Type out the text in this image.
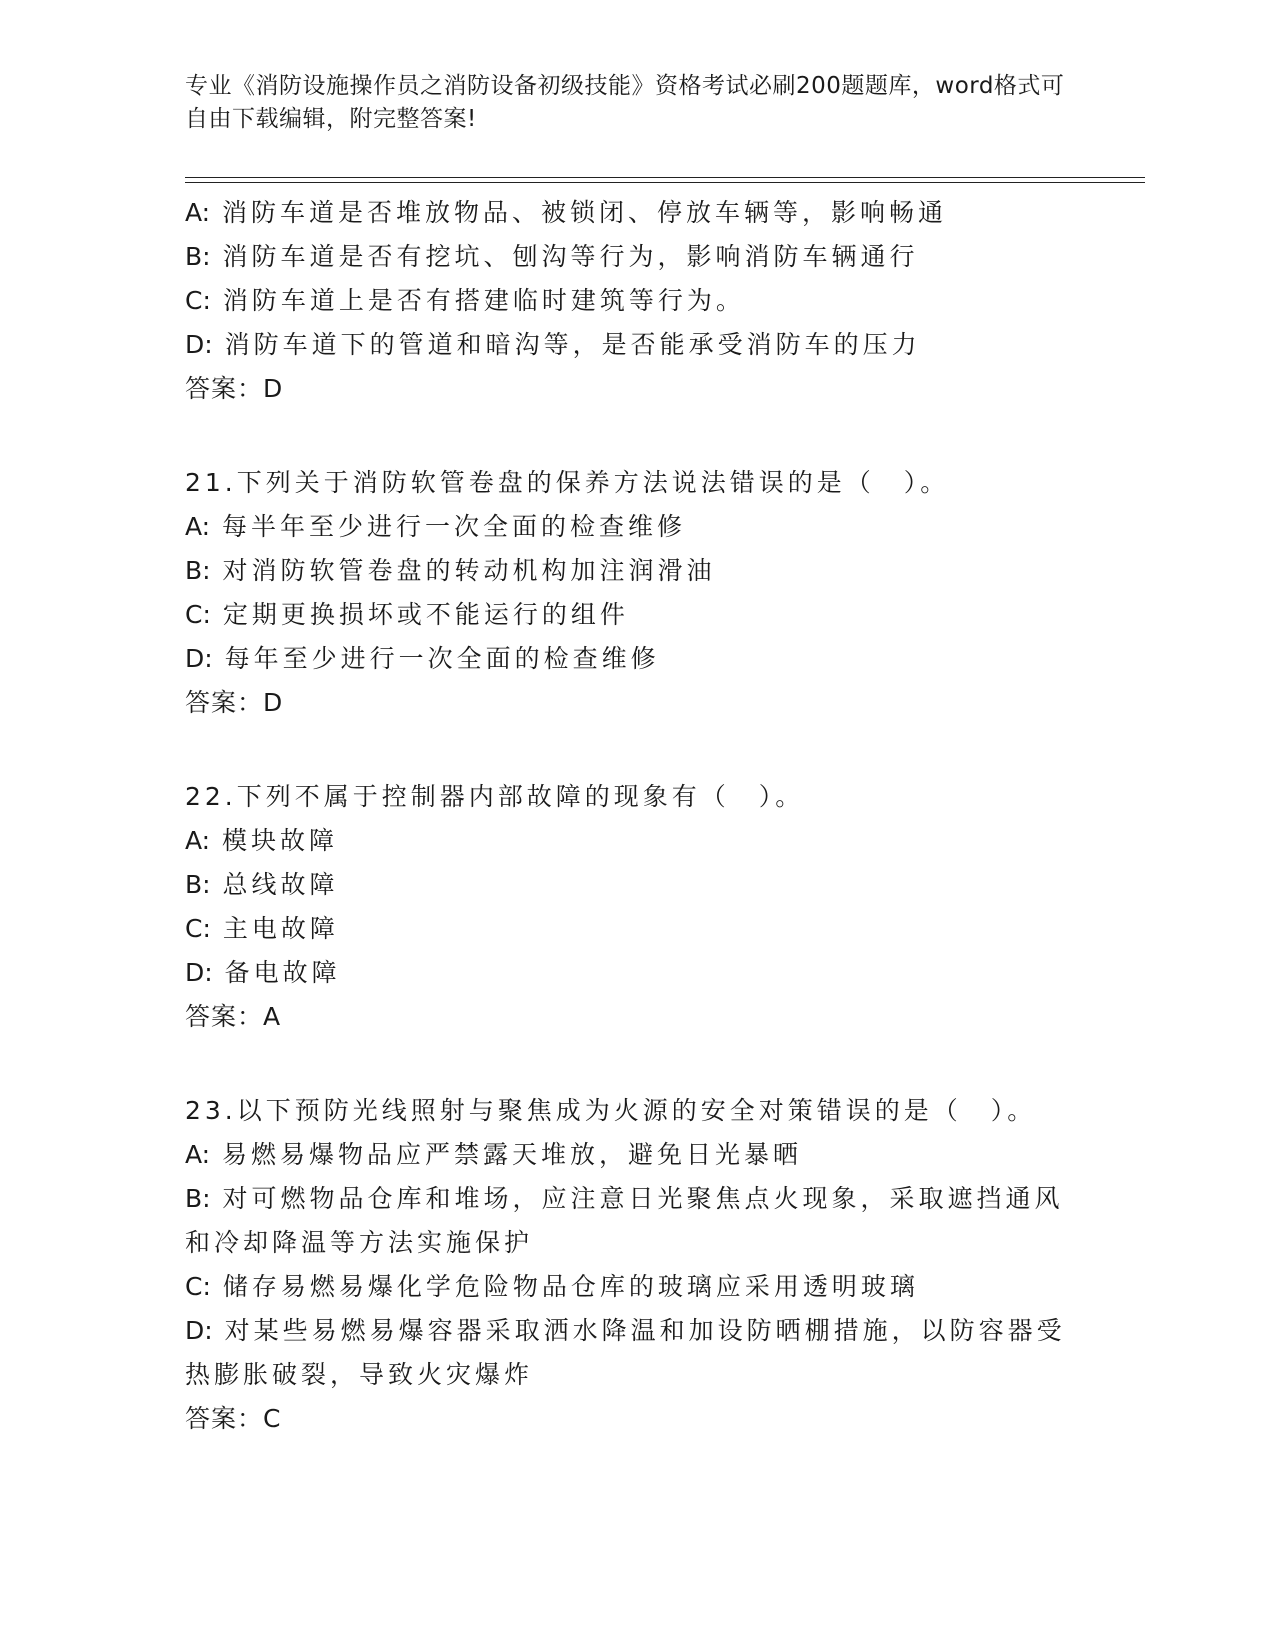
专业《消防设施操作员之消防设备初级技能》资格考试必刷200题题库，word格式可自由下载编辑，附完整答案!
A: 消防车道是否堆放物品、被锁闭、停放车辆等，影响畅通
B: 消防车道是否有挖坑、刨沟等行为，影响消防车辆通行
C: 消防车道上是否有搭建临时建筑等行为。
D: 消防车道下的管道和暗沟等，是否能承受消防车的压力
答案：D
21.下列关于消防软管卷盘的保养方法说法错误的是（　）。
A: 每半年至少进行一次全面的检查维修
B: 对消防软管卷盘的转动机构加注润滑油
C: 定期更换损坏或不能运行的组件
D: 每年至少进行一次全面的检查维修
答案：D
22.下列不属于控制器内部故障的现象有（　）。
A: 模块故障
B: 总线故障
C: 主电故障
D: 备电故障
答案：A
23.以下预防光线照射与聚焦成为火源的安全对策错误的是（　）。
A: 易燃易爆物品应严禁露天堆放，避免日光暴晒
B: 对可燃物品仓库和堆场，应注意日光聚焦点火现象，采取遮挡通风和冷却降温等方法实施保护
C: 储存易燃易爆化学危险物品仓库的玻璃应采用透明玻璃
D: 对某些易燃易爆容器采取洒水降温和加设防晒棚措施，以防容器受热膨胀破裂，导致火灾爆炸
答案：C
